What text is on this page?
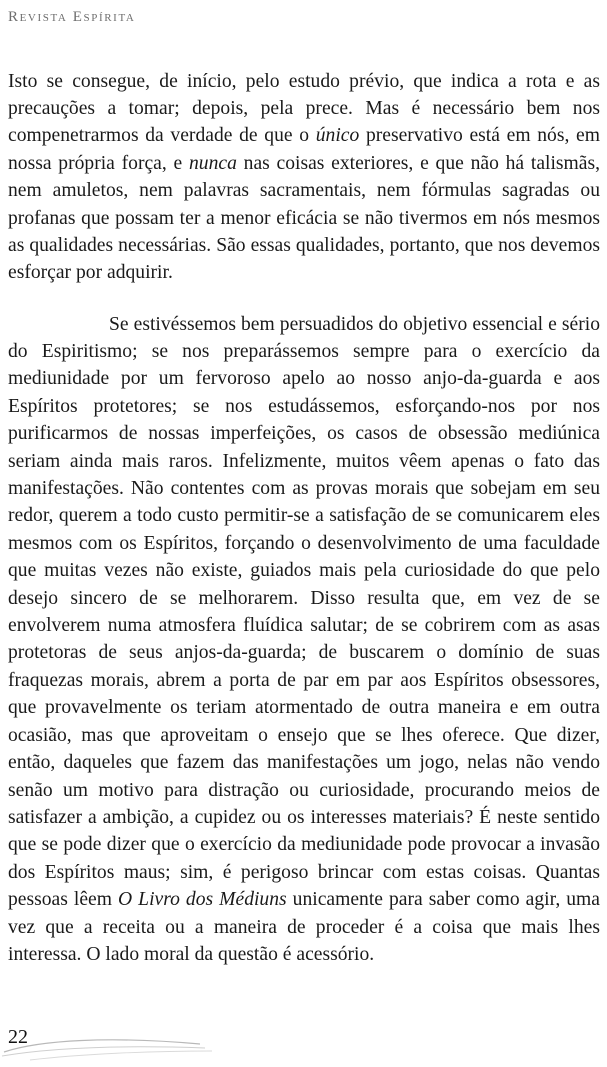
Revista Espírita

Isto se consegue, de início, pelo estudo prévio, que indica a rota e as precauções a tomar; depois, pela prece. Mas é necessário bem nos compenetrarmos da verdade de que o único preservativo está em nós, em nossa própria força, e nunca nas coisas exteriores, e que não há talismãs, nem amuletos, nem palavras sacramentais, nem fórmulas sagradas ou profanas que possam ter a menor eficácia se não tivermos em nós mesmos as qualidades necessárias. São essas qualidades, portanto, que nos devemos esforçar por adquirir.

Se estivéssemos bem persuadidos do objetivo essencial e sério do Espiritismo; se nos preparássemos sempre para o exercício da mediunidade por um fervoroso apelo ao nosso anjo-da-guarda e aos Espíritos protetores; se nos estudássemos, esforçando-nos por nos purificarmos de nossas imperfeições, os casos de obsessão mediúnica seriam ainda mais raros. Infelizmente, muitos vêem apenas o fato das manifestações. Não contentes com as provas morais que sobejam em seu redor, querem a todo custo permitir-se a satisfação de se comunicarem eles mesmos com os Espíritos, forçando o desenvolvimento de uma faculdade que muitas vezes não existe, guiados mais pela curiosidade do que pelo desejo sincero de se melhorarem. Disso resulta que, em vez de se envolverem numa atmosfera fluídica salutar; de se cobrirem com as asas protetoras de seus anjos-da-guarda; de buscarem o domínio de suas fraquezas morais, abrem a porta de par em par aos Espíritos obsessores, que provavelmente os teriam atormentado de outra maneira e em outra ocasião, mas que aproveitam o ensejo que se lhes oferece. Que dizer, então, daqueles que fazem das manifestações um jogo, nelas não vendo senão um motivo para distração ou curiosidade, procurando meios de satisfazer a ambição, a cupidez ou os interesses materiais? É neste sentido que se pode dizer que o exercício da mediunidade pode provocar a invasão dos Espíritos maus; sim, é perigoso brincar com estas coisas. Quantas pessoas lêem O Livro dos Médiuns unicamente para saber como agir, uma vez que a receita ou a maneira de proceder é a coisa que mais lhes interessa. O lado moral da questão é acessório.

22
